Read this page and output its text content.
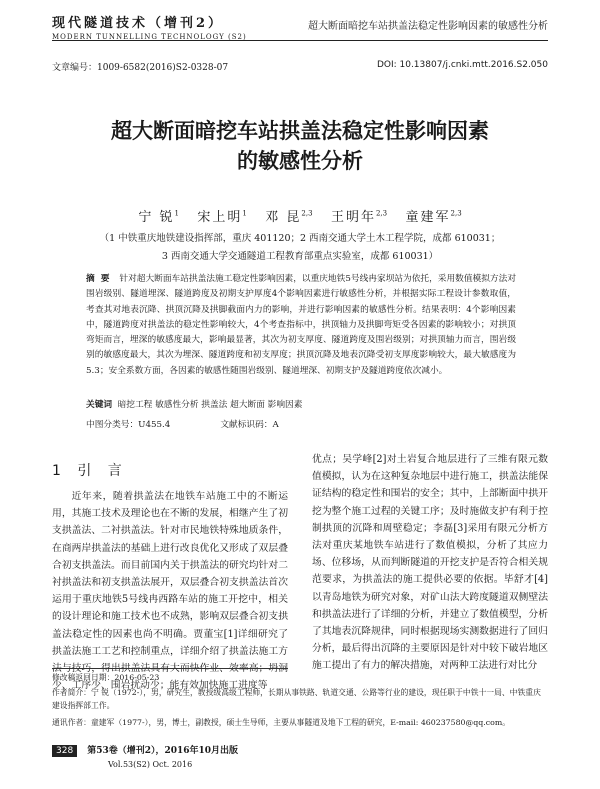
现代隧道技术（增刊2）
MODERN TUNNELLING TECHNOLOGY (S2)
超大断面暗挖车站拱盖法稳定性影响因素的敏感性分析
文章编号：1009-6582(2016)S2-0328-07	DOI: 10.13807/j.cnki.mtt.2016.S2.050
超大断面暗挖车站拱盖法稳定性影响因素
的敏感性分析
宁 锐$^1$ 宋上明$^1$ 邓 昆$^{2,3}$ 王明年$^{2,3}$ 童建军$^{2,3}$
（1 中铁重庆地铁建设指挥部，重庆 401120；2 西南交通大学土木工程学院，成都 610031；
3 西南交通大学交通隧道工程教育部重点实验室，成都 610031）

摘要 针对超大断面车站拱盖法施工稳定性影响因素，以重庆地铁5号线冉家坝站为依托，采用数值模拟方法对围岩级别、隧道埋深、隧道跨度及初期支护厚度4个影响因素进行敏感性分析，并根据实际工程设计参数取值，考查其对地表沉降、拱顶沉降及拱脚截面内力的影响，并进行影响因素的敏感性分析。结果表明：4个影响因素中，隧道跨度对拱盖法的稳定性影响较大，4个考查指标中，拱顶轴力及拱脚弯矩受各因素的影响较小；对拱顶弯矩而言，埋深的敏感度最大，影响最显著，其次为初支厚度、隧道跨度及围岩级别；对拱顶轴力而言，围岩级别的敏感度最大，其次为埋深、隧道跨度和初支厚度；拱顶沉降及地表沉降受初支厚度影响较大，最大敏感度为5.3；安全系数方面，各因素的敏感性随围岩级别、隧道埋深、初期支护及隧道跨度依次减小。

关键词 暗挖工程 敏感性分析 拱盖法 超大断面 影响因素
中图分类号：U455.4	文献标识码：A
1 引 言

近年来，随着拱盖法在地铁车站施工中的不断运用，其施工技术及理论也在不断的发展，相继产生了初支拱盖法、二衬拱盖法。针对市民地铁特殊地质条件，在商两岸拱盖法的基础上进行改良优化又形成了双层叠合初支拱盖法。而目前国内关于拱盖法的研究均针对二衬拱盖法和初支拱盖法展开，双层叠合初支拱盖法首次运用于重庆地铁5号线冉西路车站的施工开挖中，相关的设计理论和施工技术也不成熟，影响双层叠合初支拱盖法稳定性的因素也尚不明确。贾董宝[1]详细研究了拱盖法施工工艺和控制重点，详细介绍了拱盖法施工方法与技巧，得出拱盖法具有大而快作业、效率高；坍洞少、工序少、围岩扰动少；能有效加快施工进度等

优点；吴学峰[2]对土岩复合地层进行了三维有限元数值模拟，认为在这种复杂地层中进行施工，拱盖法能保证结构的稳定性和围岩的安全；其中，上部断面中拱开挖为整个施工过程的关键工序；及时施做支护有利于控制拱顶的沉降和周壁稳定；李磊[3]采用有限元分析方法对重庆某地铁车站进行了数值模拟，分析了其应力场、位移场，从而判断隧道的开挖支护是否符合相关规范要求，为拱盖法的施工提供必要的依据。毕舒才[4]以青岛地铁为研究对象，对矿山法大跨度隧道双侧壁法和拱盖法进行了详细的分析，并建立了数值模型，分析了其地表沉降规律，同时根据现场实测数据进行了回归分析，最后得出沉降的主要原因是针对中较下破岩地区施工提出了有力的解决措施，对两种工法进行对比分

修改稿返回日期：2016-05-23

作者简介：宁 锐（1972-），男，研究生，教授级高级工程师，长期从事铁路、轨道交通、公路等行业的建设，现任职于中铁十一局、中铁重庆建设指挥部工作。

通讯作者：童建军（1977-），男，博士，副教授，硕士生导师，主要从事隧道及地下工程的研究，E-mail: 460237580@qq.com。

328 第53卷（增刊2），2016年10月出版
Vol.53(S2) Oct. 2016
